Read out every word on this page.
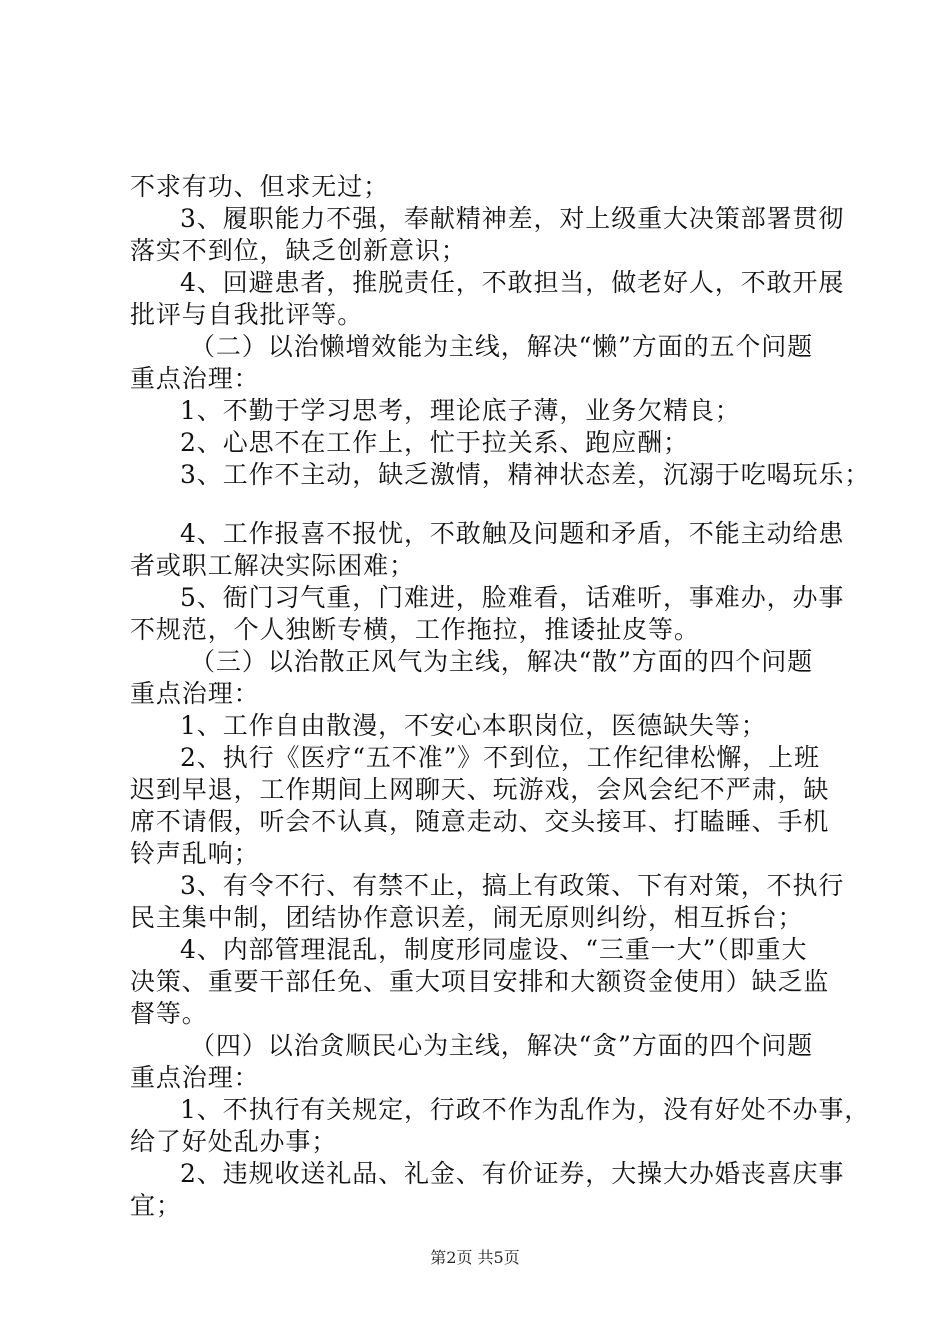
不求有功、但求无过；
3、履职能力不强，奉献精神差，对上级重大决策部署贯彻
落实不到位，缺乏创新意识；
4、回避患者，推脱责任，不敢担当，做老好人，不敢开展
批评与自我批评等。
（二）以治懒增效能为主线，解决“懒”方面的五个问题
重点治理：
1、不勤于学习思考，理论底子薄，业务欠精良；
2、心思不在工作上，忙于拉关系、跑应酬；
3、工作不主动，缺乏激情，精神状态差，沉溺于吃喝玩乐；
4、工作报喜不报忧，不敢触及问题和矛盾，不能主动给患
者或职工解决实际困难；
5、衙门习气重，门难进，脸难看，话难听，事难办，办事
不规范，个人独断专横，工作拖拉，推诿扯皮等。
（三）以治散正风气为主线，解决“散”方面的四个问题
重点治理：
1、工作自由散漫，不安心本职岗位，医德缺失等；
2、执行《医疗“五不准”》不到位，工作纪律松懈，上班
迟到早退，工作期间上网聊天、玩游戏，会风会纪不严肃，缺
席不请假，听会不认真，随意走动、交头接耳、打瞌睡、手机
铃声乱响；
3、有令不行、有禁不止，搞上有政策、下有对策，不执行
民主集中制，团结协作意识差，闹无原则纠纷，相互拆台；
4、内部管理混乱，制度形同虚设、“三重一大”（即重大
决策、重要干部任免、重大项目安排和大额资金使用）缺乏监
督等。
（四）以治贪顺民心为主线，解决“贪”方面的四个问题
重点治理：
1、不执行有关规定，行政不作为乱作为，没有好处不办事，
给了好处乱办事；
2、违规收送礼品、礼金、有价证券，大操大办婚丧喜庆事
宜；
第2页 共5页
